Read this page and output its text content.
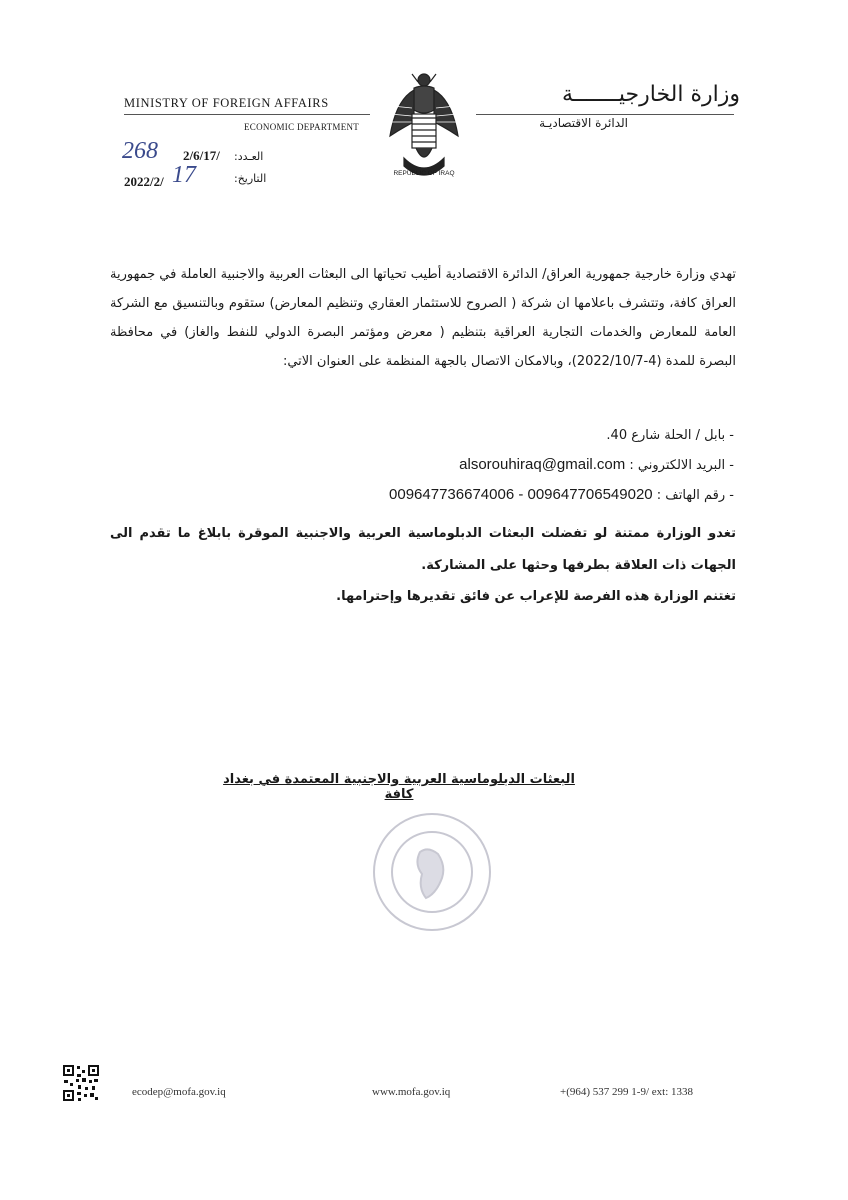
MINISTRY OF FOREIGN AFFAIRS
ECONOMIC DEPARTMENT
وزارة الخارجيـــــــة
الدائرة الاقتصاديـة
REPUBLIC OF IRAQ
العـدد:
2/6/17/
268
التاريخ:
2022/2/ 17
تهدي وزارة خارجية جمهورية العراق/ الدائرة الاقتصادية أطيب تحياتها الى البعثات العربية والاجنبية العاملة في جمهورية العراق كافة، وتتشرف باعلامها ان شركة ( الصروح للاستثمار العقاري وتنظيم المعارض) ستقوم وبالتنسيق مع الشركة العامة للمعارض والخدمات التجارية العراقية بتنظيم ( معرض ومؤتمر البصرة الدولي للنفط والغاز) في محافظة البصرة للمدة (4-2022/10/7)، وبالامكان الاتصال بالجهة المنظمة على العنوان الاتي:
- بابل / الحلة شارع 40.
- البريد الالكتروني : alsorouhiraq@gmail.com
- رقم الهاتف : 009647736674006 - 009647706549020
تغدو الوزارة ممتنة لو تفضلت البعثات الدبلوماسية العربية والاجنبية الموقرة بابلاغ ما تقدم الى الجهات ذات العلاقة بطرفها وحثها على المشاركة.
تغتنم الوزارة هذه الفرصة للإعراب عن فائق تقديرها وإحترامها.
البعثات الدبلوماسية العربية والاجنبية المعتمدة في بغداد كافة
ecodep@mofa.gov.iq	www.mofa.gov.iq	+(964) 537 299 1-9/ ext: 1338
